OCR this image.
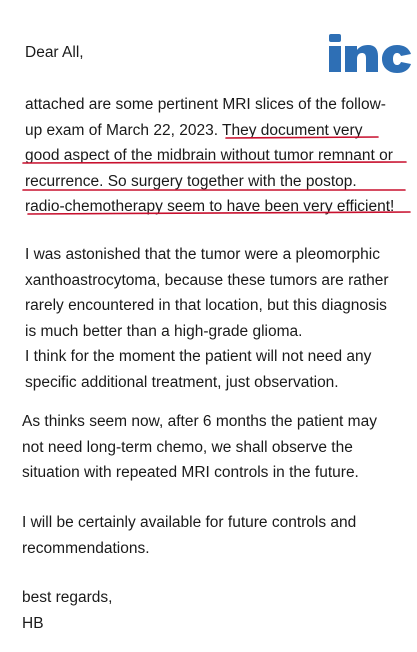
Dear All,

attached are some pertinent MRI slices of the follow-
up exam of March 22, 2023. They document very
good aspect of the midbrain without tumor remnant or
recurrence. So surgery together with the postop.
radio-chemotherapy seem to have been very efficient!

I was astonished that the tumor were a pleomorphic
xanthoastrocytoma, because these tumors are rather
rarely encountered in that location, but this diagnosis
is much better than a high-grade glioma.
I think for the moment the patient will not need any
specific additional treatment, just observation.

As thinks seem now, after 6 months the patient may
not need long-term chemo, we shall observe the
situation with repeated MRI controls in the future.

I will be certainly available for future controls and
recommendations.

best regards,
HB
